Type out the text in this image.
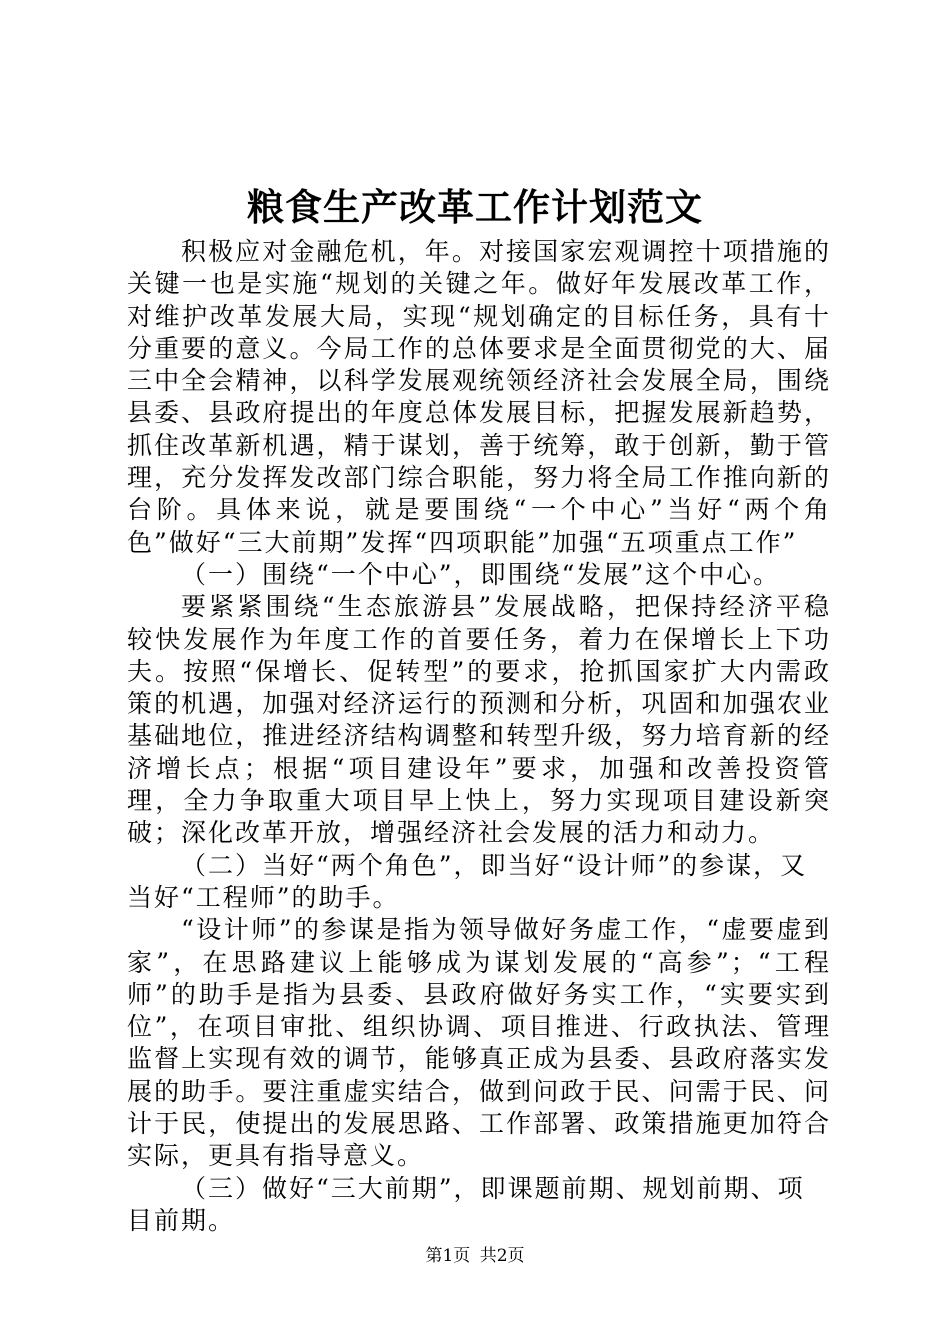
粮食生产改革工作计划范文

积极应对金融危机，年。对接国家宏观调控十项措施的关键一也是实施“规划的关键之年。做好年发展改革工作，对维护改革发展大局，实现“规划确定的目标任务，具有十分重要的意义。今局工作的总体要求是全面贯彻党的大、届三中全会精神，以科学发展观统领经济社会发展全局，围绕县委、县政府提出的年度总体发展目标，把握发展新趋势，抓住改革新机遇，精于谋划，善于统筹，敢于创新，勤于管理，充分发挥发改部门综合职能，努力将全局工作推向新的台阶。具体来说，就是要围绕“一个中心”当好“两个角色”做好“三大前期”发挥“四项职能”加强“五项重点工作”

（一）围绕“一个中心”，即围绕“发展”这个中心。

要紧紧围绕“生态旅游县”发展战略，把保持经济平稳较快发展作为年度工作的首要任务，着力在保增长上下功夫。按照“保增长、促转型”的要求，抢抓国家扩大内需政策的机遇，加强对经济运行的预测和分析，巩固和加强农业基础地位，推进经济结构调整和转型升级，努力培育新的经济增长点；根据“项目建设年”要求，加强和改善投资管理，全力争取重大项目早上快上，努力实现项目建设新突破；深化改革开放，增强经济社会发展的活力和动力。

（二）当好“两个角色”，即当好“设计师”的参谋，又当好“工程师”的助手。

“设计师”的参谋是指为领导做好务虚工作，“虚要虚到家”，在思路建议上能够成为谋划发展的“高参”；“工程师”的助手是指为县委、县政府做好务实工作，“实要实到位”，在项目审批、组织协调、项目推进、行政执法、管理监督上实现有效的调节，能够真正成为县委、县政府落实发展的助手。要注重虚实结合，做到问政于民、问需于民、问计于民，使提出的发展思路、工作部署、政策措施更加符合实际，更具有指导意义。

（三）做好“三大前期”，即课题前期、规划前期、项目前期。

第1页 共2页
